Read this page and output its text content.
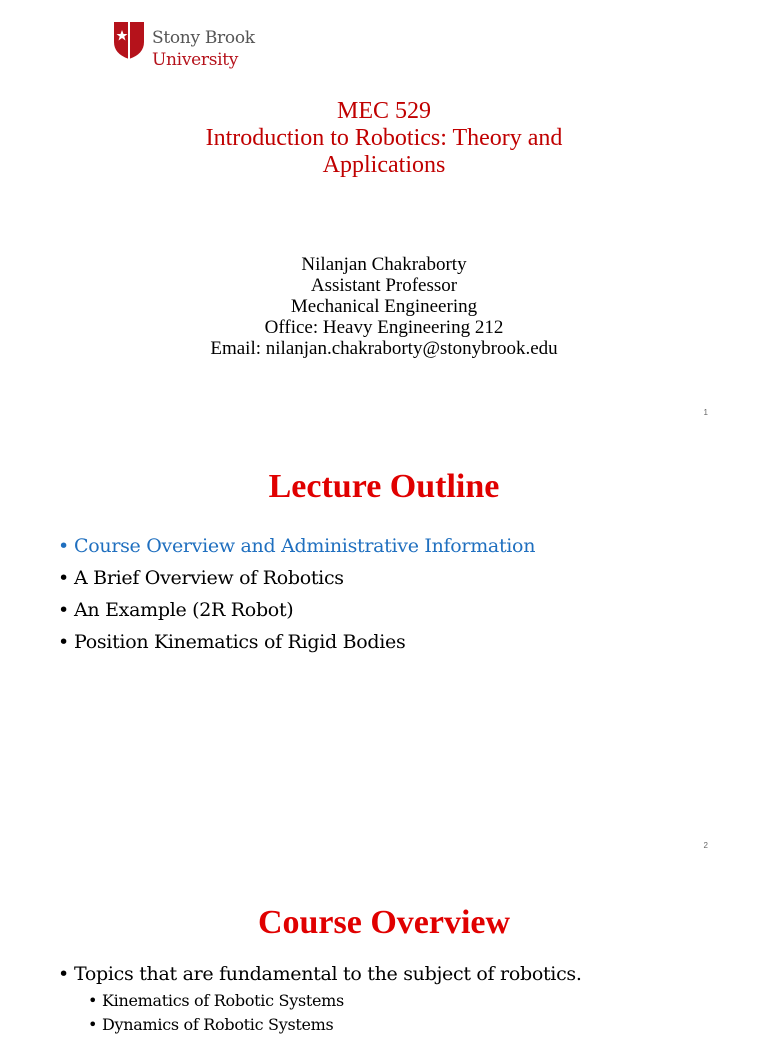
Stony Brook
University
MEC 529
Introduction to Robotics: Theory and
Applications
Nilanjan Chakraborty
Assistant Professor
Mechanical Engineering
Office: Heavy Engineering 212
Email: nilanjan.chakraborty@stonybrook.edu
1
Lecture Outline
• Course Overview and Administrative Information
• A Brief Overview of Robotics
• An Example (2R Robot)
• Position Kinematics of Rigid Bodies
2
Course Overview
• Topics that are fundamental to the subject of robotics.
• Kinematics of Robotic Systems
• Dynamics of Robotic Systems
